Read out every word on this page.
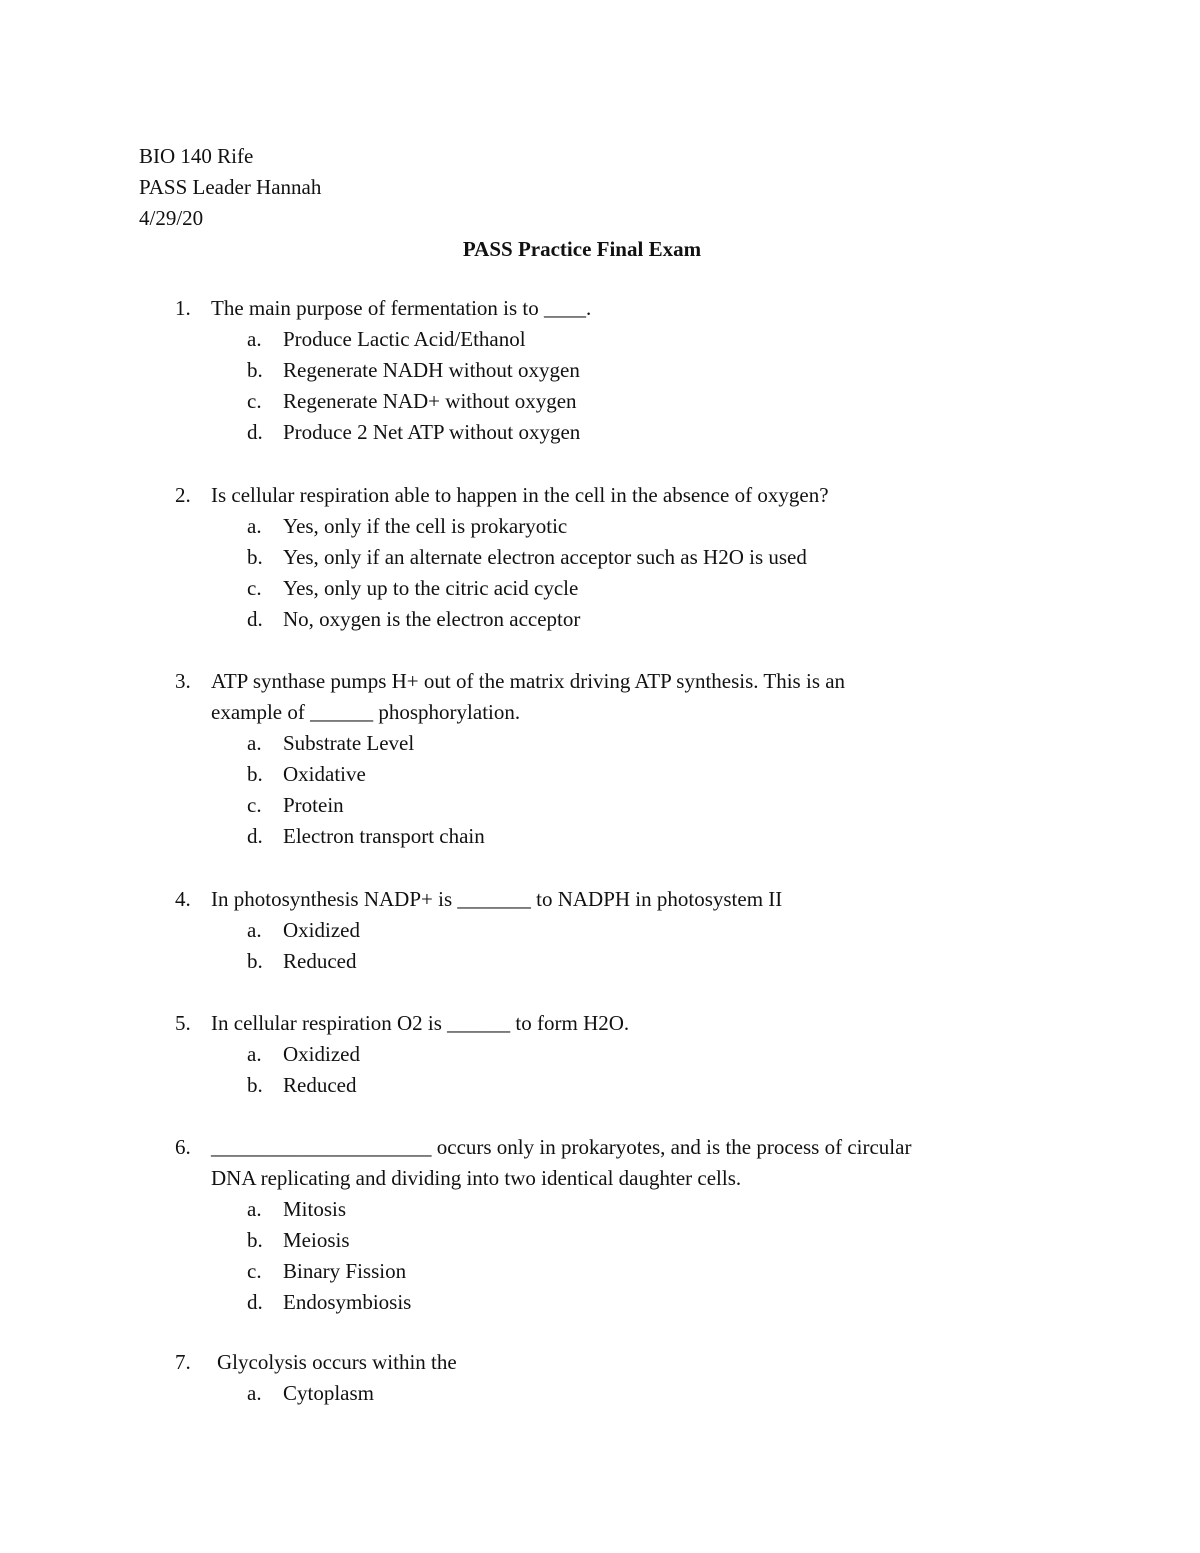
BIO 140 Rife
PASS Leader Hannah
4/29/20
PASS Practice Final Exam
1. The main purpose of fermentation is to ____.
a. Produce Lactic Acid/Ethanol
b. Regenerate NADH without oxygen
c. Regenerate NAD+ without oxygen
d. Produce 2 Net ATP without oxygen
2. Is cellular respiration able to happen in the cell in the absence of oxygen?
a. Yes, only if the cell is prokaryotic
b. Yes, only if an alternate electron acceptor such as H2O is used
c. Yes, only up to the citric acid cycle
d. No, oxygen is the electron acceptor
3. ATP synthase pumps H+ out of the matrix driving ATP synthesis. This is an
example of ______ phosphorylation.
a. Substrate Level
b. Oxidative
c. Protein
d. Electron transport chain
4. In photosynthesis NADP+ is _______ to NADPH in photosystem II
a. Oxidized
b. Reduced
5. In cellular respiration O2 is ______ to form H2O.
a. Oxidized
b. Reduced
6. _____________________ occurs only in prokaryotes, and is the process of circular
DNA replicating and dividing into two identical daughter cells.
a. Mitosis
b. Meiosis
c. Binary Fission
d. Endosymbiosis
7. Glycolysis occurs within the
a. Cytoplasm
